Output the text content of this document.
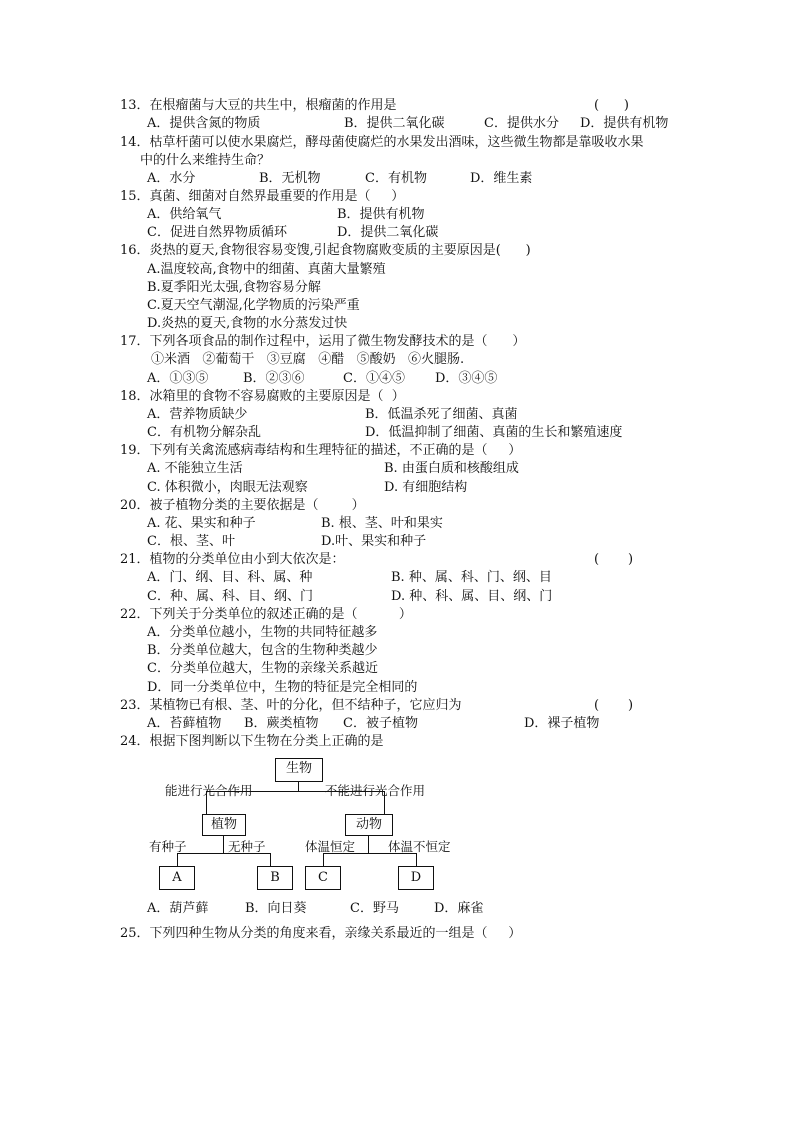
13．在根瘤菌与大豆的共生中，根瘤菌的作用是	(      )
A．提供含氮的物质	B．提供二氧化碳	C．提供水分 D．提供有机物
14．枯草杆菌可以使水果腐烂，酵母菌使腐烂的水果发出酒味，这些微生物都是靠吸收水果
中的什么来维持生命？
A．水分	B．无机物	C．有机物	D．维生素
15．真菌、细菌对自然界最重要的作用是（     ）
A．供给氧气	B．提供有机物
C．促进自然界物质循环	D．提供二氧化碳
16．炎热的夏天,食物很容易变馊,引起食物腐败变质的主要原因是(      )
A.温度较高,食物中的细菌、真菌大量繁殖
B.夏季阳光太强,食物容易分解
C.夏天空气潮湿,化学物质的污染严重
D.炎热的夏天,食物的水分蒸发过快
17．下列各项食品的制作过程中，运用了微生物发酵技术的是（      ）
①米酒   ②葡萄干   ③豆腐   ④醋   ⑤酸奶   ⑥火腿肠.
A．①③⑤	B．②③⑥	C．①④⑤ D．③④⑤
18．冰箱里的食物不容易腐败的主要原因是（  ）
A．营养物质缺少	B．低温杀死了细菌、真菌
C．有机物分解杂乱	D．低温抑制了细菌、真菌的生长和繁殖速度
19．下列有关禽流感病毒结构和生理特征的描述，不正确的是（     ）
A. 不能独立生活	B. 由蛋白质和核酸组成
C. 体积微小，肉眼无法观察	D. 有细胞结构
20．被子植物分类的主要依据是（        ）
A. 花、果实和种子	B. 根、茎、叶和果实
C．根、茎、叶	D.叶、果实和种子
21．植物的分类单位由小到大依次是：	(       )
A．门、纲、目、科、属、种	B. 种、属、科、门、纲、目
C．种、属、科、目、纲、门	D. 种、科、属、目、纲、门
22．下列关于分类单位的叙述正确的是（          ）
A．分类单位越小，生物的共同特征越多
B．分类单位越大，包含的生物种类越少
C．分类单位越大，生物的亲缘关系越近
D．同一分类单位中，生物的特征是完全相同的
23．某植物已有根、茎、叶的分化，但不结种子，它应归为	(       )
A．苔藓植物 B．蕨类植物 C．被子植物	D．裸子植物
24．根据下图判断以下生物在分类上正确的是
生物
能进行光合作用	不能进行光合作用
植物	动物
有种子	无种子	体温恒定	体温不恒定
A	B	C	D
A．葫芦藓	B．向日葵	C．野马	D．麻雀
25．下列四种生物从分类的角度来看，亲缘关系最近的一组是（     ）
